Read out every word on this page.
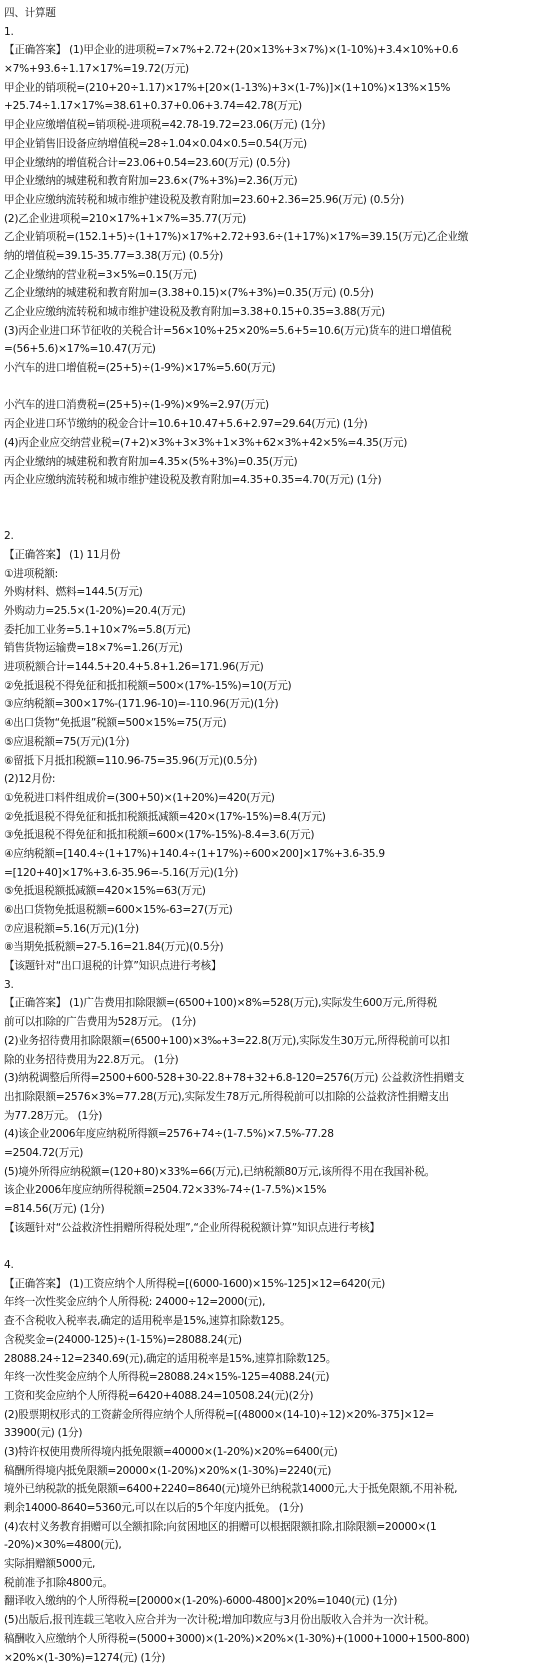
四、计算题
1.
【正确答案】 (1)甲企业的进项税=7×7%+2.72+(20×13%+3×7%)×(1-10%)+3.4×10%+0.6
×7%+93.6÷1.17×17%=19.72(万元)
甲企业的销项税=(210+20÷1.17)×17%+[20×(1-13%)+3×(1-7%)]×(1+10%)×13%×15%
+25.74÷1.17×17%=38.61+0.37+0.06+3.74=42.78(万元)
甲企业应缴增值税=销项税-进项税=42.78-19.72=23.06(万元) (1分)
甲企业销售旧设备应纳增值税=28÷1.04×0.04×0.5=0.54(万元)
甲企业缴纳的增值税合计=23.06+0.54=23.60(万元) (0.5分)
甲企业缴纳的城建税和教育附加=23.6×(7%+3%)=2.36(万元)
甲企业应缴纳流转税和城市维护建设税及教育附加=23.60+2.36=25.96(万元) (0.5分)
(2)乙企业进项税=210×17%+1×7%=35.77(万元)
乙企业销项税=(152.1+5)÷(1+17%)×17%+2.72+93.6÷(1+17%)×17%=39.15(万元)乙企业缴
纳的增值税=39.15-35.77=3.38(万元) (0.5分)
乙企业缴纳的营业税=3×5%=0.15(万元)
乙企业缴纳的城建税和教育附加=(3.38+0.15)×(7%+3%)=0.35(万元) (0.5分)
乙企业应缴纳流转税和城市维护建设税及教育附加=3.38+0.15+0.35=3.88(万元)
(3)丙企业进口环节征收的关税合计=56×10%+25×20%=5.6+5=10.6(万元)货车的进口增值税
=(56+5.6)×17%=10.47(万元)
小汽车的进口增值税=(25+5)÷(1-9%)×17%=5.60(万元)
小汽车的进口消费税=(25+5)÷(1-9%)×9%=2.97(万元)
丙企业进口环节缴纳的税金合计=10.6+10.47+5.6+2.97=29.64(万元) (1分)
(4)丙企业应交纳营业税=(7+2)×3%+3×3%+1×3%+62×3%+42×5%=4.35(万元)
丙企业缴纳的城建税和教育附加=4.35×(5%+3%)=0.35(万元)
丙企业应缴纳流转税和城市维护建设税及教育附加=4.35+0.35=4.70(万元) (1分)
2.
【正确答案】 (1) 11月份
①进项税额:
外购材料、燃料=144.5(万元)
外购动力=25.5×(1-20%)=20.4(万元)
委托加工业务=5.1+10×7%=5.8(万元)
销售货物运输费=18×7%=1.26(万元)
进项税额合计=144.5+20.4+5.8+1.26=171.96(万元)
②免抵退税不得免征和抵扣税额=500×(17%-15%)=10(万元)
③应纳税额=300×17%-(171.96-10)=-110.96(万元)(1分)
④出口货物“免抵退”税额=500×15%=75(万元)
⑤应退税额=75(万元)(1分)
⑥留抵下月抵扣税额=110.96-75=35.96(万元)(0.5分)
(2)12月份:
①免税进口料件组成价=(300+50)×(1+20%)=420(万元)
②免抵退税不得免征和抵扣税额抵减额=420×(17%-15%)=8.4(万元)
③免抵退税不得免征和抵扣税额=600×(17%-15%)-8.4=3.6(万元)
④应纳税额=[140.4÷(1+17%)+140.4÷(1+17%)÷600×200]×17%+3.6-35.9
=[120+40]×17%+3.6-35.96=-5.16(万元)(1分)
⑤免抵退税额抵减额=420×15%=63(万元)
⑥出口货物免抵退税额=600×15%-63=27(万元)
⑦应退税额=5.16(万元)(1分)
⑧当期免抵税额=27-5.16=21.84(万元)(0.5分)
【该题针对“出口退税的计算”知识点进行考核】
3.
【正确答案】 (1)广告费用扣除限额=(6500+100)×8%=528(万元),实际发生600万元,所得税
前可以扣除的广告费用为528万元。 (1分)
(2)业务招待费用扣除限额=(6500+100)×3‰+3=22.8(万元),实际发生30万元,所得税前可以扣
除的业务招待费用为22.8万元。 (1分)
(3)纳税调整后所得=2500+600-528+30-22.8+78+32+6.8-120=2576(万元) 公益救济性捐赠支
出扣除限额=2576×3%=77.28(万元),实际发生78万元,所得税前可以扣除的公益救济性捐赠支出
为77.28万元。 (1分)
(4)该企业2006年度应纳税所得额=2576+74÷(1-7.5%)×7.5%-77.28
=2504.72(万元)
(5)境外所得应纳税额=(120+80)×33%=66(万元),已纳税额80万元,该所得不用在我国补税。
该企业2006年度应纳所得税额=2504.72×33%-74÷(1-7.5%)×15%
=814.56(万元) (1分)
【该题针对“公益救济性捐赠所得税处理”,“企业所得税税额计算”知识点进行考核】
4.
【正确答案】 (1)工资应纳个人所得税=[(6000-1600)×15%-125]×12=6420(元)
年终一次性奖金应纳个人所得税: 24000÷12=2000(元),
查不含税收入税率表,确定的适用税率是15%,速算扣除数125。
含税奖金=(24000-125)÷(1-15%)=28088.24(元)
28088.24÷12=2340.69(元),确定的适用税率是15%,速算扣除数125。
年终一次性奖金应纳个人所得税=28088.24×15%-125=4088.24(元)
工资和奖金应纳个人所得税=6420+4088.24=10508.24(元)(2分)
(2)股票期权形式的工资薪金所得应纳个人所得税=[(48000×(14-10)÷12)×20%-375]×12=
33900(元) (1分)
(3)特许权使用费所得境内抵免限额=40000×(1-20%)×20%=6400(元)
稿酬所得境内抵免限额=20000×(1-20%)×20%×(1-30%)=2240(元)
境外已纳税款的抵免限额=6400+2240=8640(元)境外已纳税款14000元,大于抵免限额,不用补税,
剩余14000-8640=5360元,可以在以后的5个年度内抵免。 (1分)
(4)农村义务教育捐赠可以全额扣除;向贫困地区的捐赠可以根据限额扣除,扣除限额=20000×(1
-20%)×30%=4800(元),
实际捐赠额5000元,
税前准予扣除4800元。
翻译收入缴纳的个人所得税=[20000×(1-20%)-6000-4800]×20%=1040(元) (1分)
(5)出版后,报刊连载三笔收入应合并为一次计税;增加印数应与3月份出版收入合并为一次计税。
稿酬收入应缴纳个人所得税=(5000+3000)×(1-20%)×20%×(1-30%)+(1000+1000+1500-800)
×20%×(1-30%)=1274(元) (1分)
